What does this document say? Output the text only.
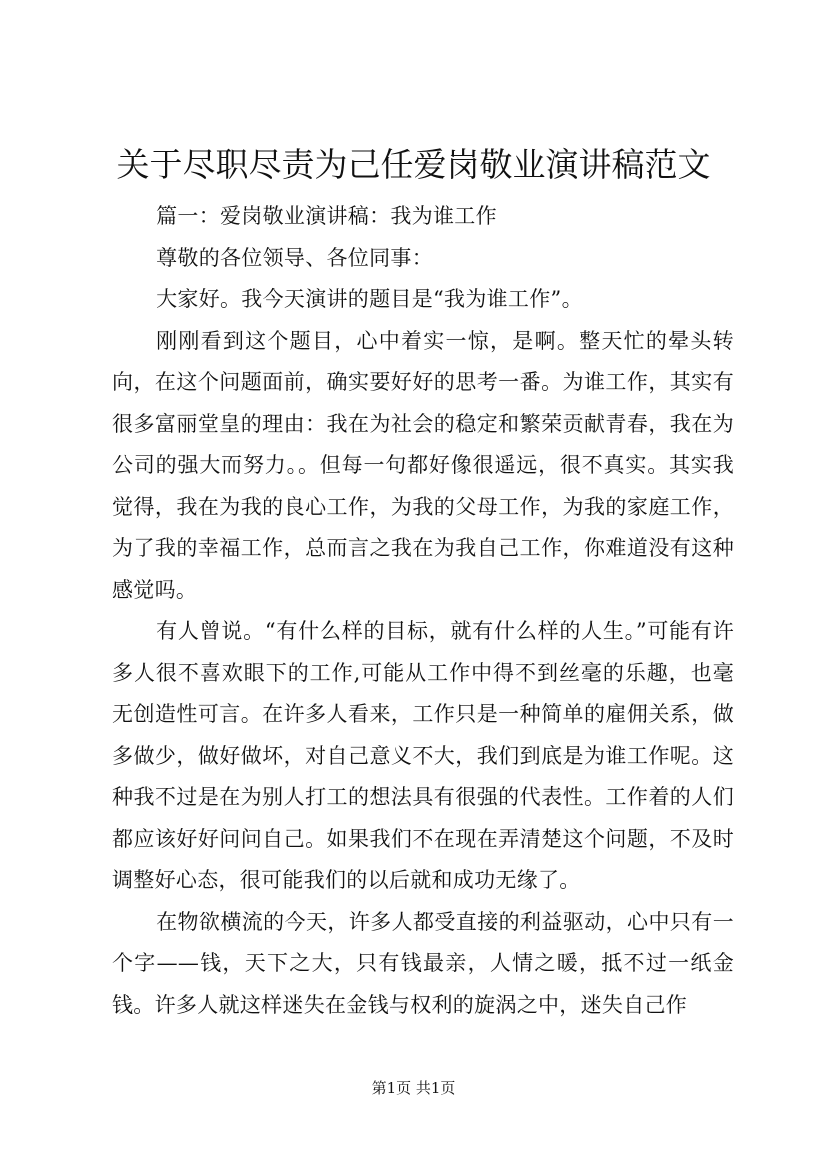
关于尽职尽责为己任爱岗敬业演讲稿范文

篇一：爱岗敬业演讲稿：我为谁工作

尊敬的各位领导、各位同事：

大家好。我今天演讲的题目是“我为谁工作”。

刚刚看到这个题目，心中着实一惊，是啊。整天忙的晕头转向，在这个问题面前，确实要好好的思考一番。为谁工作，其实有很多富丽堂皇的理由：我在为社会的稳定和繁荣贡献青春，我在为公司的强大而努力。。但每一句都好像很遥远，很不真实。其实我觉得，我在为我的良心工作，为我的父母工作，为我的家庭工作，为了我的幸福工作，总而言之我在为我自己工作，你难道没有这种感觉吗。

有人曾说。“有什么样的目标，就有什么样的人生。”可能有许多人很不喜欢眼下的工作,可能从工作中得不到丝毫的乐趣，也毫无创造性可言。在许多人看来，工作只是一种简单的雇佣关系，做多做少，做好做坏，对自己意义不大，我们到底是为谁工作呢。这种我不过是在为别人打工的想法具有很强的代表性。工作着的人们都应该好好问问自己。如果我们不在现在弄清楚这个问题，不及时调整好心态，很可能我们的以后就和成功无缘了。

在物欲横流的今天，许多人都受直接的利益驱动，心中只有一个字——钱，天下之大，只有钱最亲，人情之暖，抵不过一纸金钱。许多人就这样迷失在金钱与权利的旋涡之中，迷失自己作

第1页 共1页
